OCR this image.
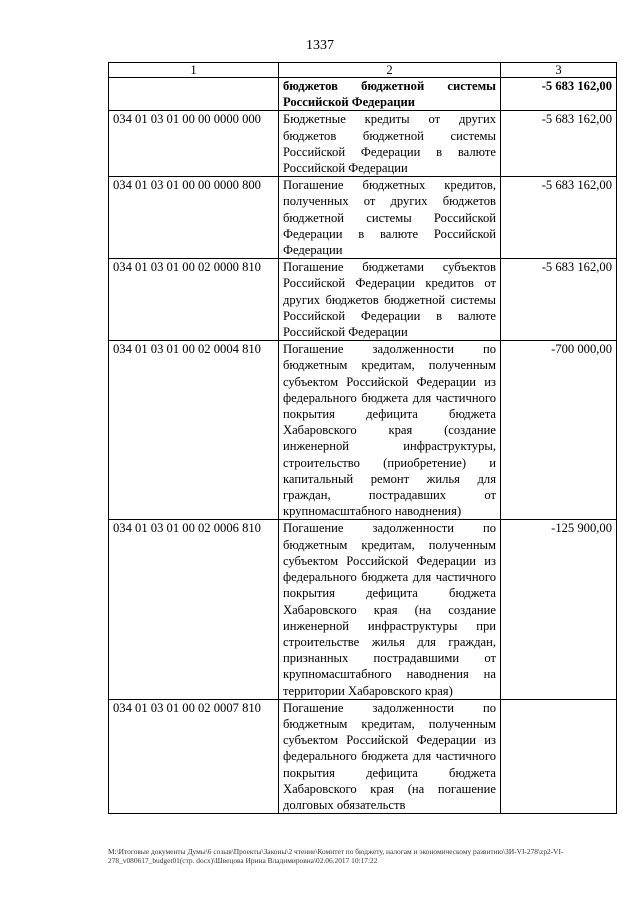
1337
1	2	3
	бюджетов бюджетной системы Российской Федерации	-5 683 162,00
034 01 03 01 00 00 0000 000	Бюджетные кредиты от других бюджетов бюджетной системы Российской Федерации в валюте Российской Федерации	-5 683 162,00
034 01 03 01 00 00 0000 800	Погашение бюджетных кредитов, полученных от других бюджетов бюджетной системы Российской Федерации в валюте Российской Федерации	-5 683 162,00
034 01 03 01 00 02 0000 810	Погашение бюджетами субъектов Российской Федерации кредитов от других бюджетов бюджетной системы Российской Федерации в валюте Российской Федерации	-5 683 162,00
034 01 03 01 00 02 0004 810	Погашение задолженности по бюджетным кредитам, полученным субъектом Российской Федерации из федерального бюджета для частичного покрытия дефицита бюджета Хабаровского края (создание инженерной инфраструктуры, строительство (приобретение) и капитальный ремонт жилья для граждан, пострадавших от крупномасштабного наводнения)	-700 000,00
034 01 03 01 00 02 0006 810	Погашение задолженности по бюджетным кредитам, полученным субъектом Российской Федерации из федерального бюджета для частичного покрытия дефицита бюджета Хабаровского края (на создание инженерной инфраструктуры при строительстве жилья для граждан, признанных пострадавшими от крупномасштабного наводнения на территории Хабаровского края)	-125 900,00
034 01 03 01 00 02 0007 810	Погашение задолженности по бюджетным кредитам, полученным субъектом Российской Федерации из федерального бюджета для частичного покрытия дефицита бюджета Хабаровского края (на погашение долговых обязательств	
M:\Итоговые документы Думы\6 созыв\Проекты\Законы\2 чтение\Комитет по бюджету, налогам и экономическому развитию\ЗИ-VI-278\zp2-VI-278_v080617_budget01(стр. docx)\Швецова Ирина Владимировна\02.06.2017 10:17:22
